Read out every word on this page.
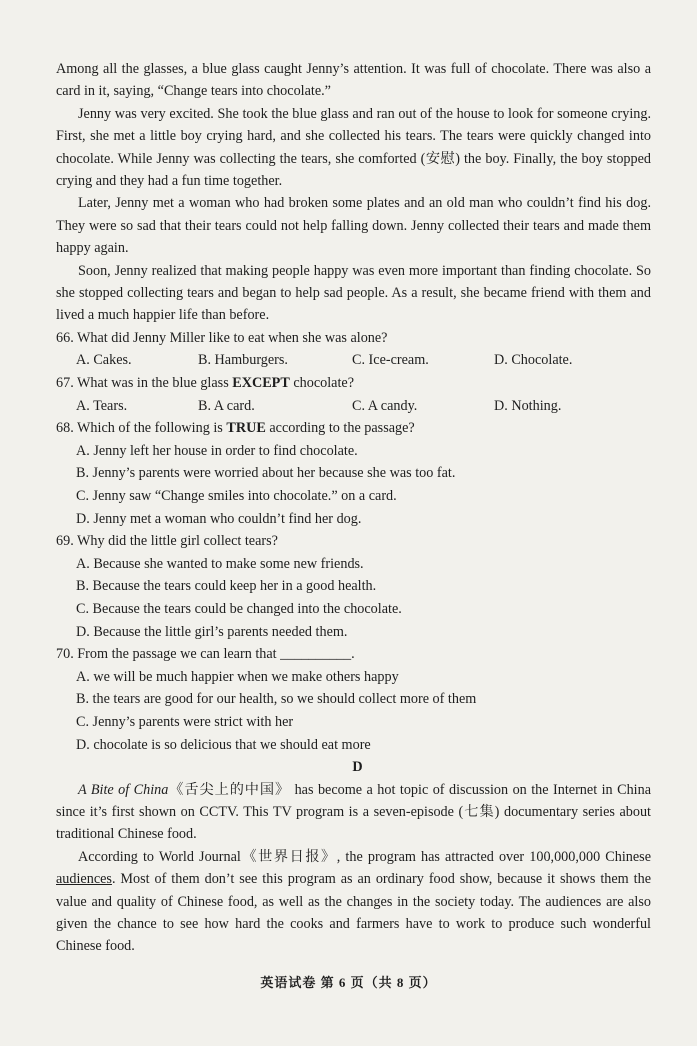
Among all the glasses, a blue glass caught Jenny’s attention. It was full of chocolate. There was also a card in it, saying, “Change tears into chocolate.”

Jenny was very excited. She took the blue glass and ran out of the house to look for someone crying. First, she met a little boy crying hard, and she collected his tears. The tears were quickly changed into chocolate. While Jenny was collecting the tears, she comforted (安慰) the boy. Finally, the boy stopped crying and they had a fun time together.

Later, Jenny met a woman who had broken some plates and an old man who couldn’t find his dog. They were so sad that their tears could not help falling down. Jenny collected their tears and made them happy again.

Soon, Jenny realized that making people happy was even more important than finding chocolate. So she stopped collecting tears and began to help sad people. As a result, she became friend with them and lived a much happier life than before.

66. What did Jenny Miller like to eat when she was alone?

A. Cakes.	B. Hamburgers.	C. Ice-cream.	D. Chocolate.

67. What was in the blue glass EXCEPT chocolate?

A. Tears.	B. A card.	C. A candy.	D. Nothing.

68. Which of the following is TRUE according to the passage?

A. Jenny left her house in order to find chocolate.

B. Jenny’s parents were worried about her because she was too fat.

C. Jenny saw “Change smiles into chocolate.” on a card.

D. Jenny met a woman who couldn’t find her dog.

69. Why did the little girl collect tears?

A. Because she wanted to make some new friends.

B. Because the tears could keep her in a good health.

C. Because the tears could be changed into the chocolate.

D. Because the little girl’s parents needed them.

70. From the passage we can learn that __________.

A. we will be much happier when we make others happy

B. the tears are good for our health, so we should collect more of them

C. Jenny’s parents were strict with her

D. chocolate is so delicious that we should eat more

D

A Bite of China《舌尖上的中国》 has become a hot topic of discussion on the Internet in China since it’s first shown on CCTV. This TV program is a seven-episode (七集) documentary series about traditional Chinese food.

According to World Journal《世界日报》, the program has attracted over 100,000,000 Chinese audiences. Most of them don’t see this program as an ordinary food show, because it shows them the value and quality of Chinese food, as well as the changes in the society today. The audiences are also given the chance to see how hard the cooks and farmers have to work to produce such wonderful Chinese food.

英语试卷 第 6 页（共 8 页）
